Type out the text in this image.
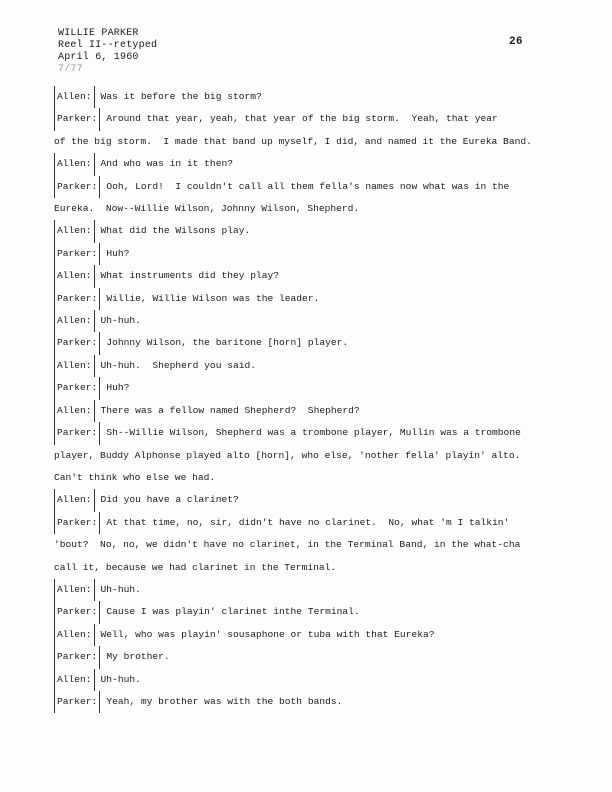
WILLIE PARKER
Reel II--retyped
April 6, 1960
7/77
26

Allen: Was it before the big storm?

Parker: Around that year, yeah, that year of the big storm.  Yeah, that year
of the big storm.  I made that band up myself, I did, and named it the Eureka Band.

Allen: And who was in it then?

Parker: Ooh, Lord!  I couldn't call all them fella's names now what was in the
Eureka.  Now--Willie Wilson, Johnny Wilson, Shepherd.

Allen: What did the Wilsons play.

Parker: Huh?

Allen: What instruments did they play?

Parker: Willie, Willie Wilson was the leader.

Allen: Uh-huh.

Parker: Johnny Wilson, the baritone [horn] player.

Allen: Uh-huh.  Shepherd you said.

Parker: Huh?

Allen: There was a fellow named Shepherd?  Shepherd?

Parker: Sh--Willie Wilson, Shepherd was a trombone player, Mullin was a trombone
player, Buddy Alphonse played alto [horn], who else, 'nother fella' playin' alto.
Can't think who else we had.

Allen: Did you have a clarinet?

Parker: At that time, no, sir, didn't have no clarinet.  No, what 'm I talkin'
'bout?  No, no, we didn't have no clarinet, in the Terminal Band, in the what-cha
call it, because we had clarinet in the Terminal.

Allen: Uh-huh.

Parker: Cause I was playin' clarinet inthe Terminal.

Allen: Well, who was playin' sousaphone or tuba with that Eureka?

Parker: My brother.

Allen: Uh-huh.

Parker: Yeah, my brother was with the both bands.
